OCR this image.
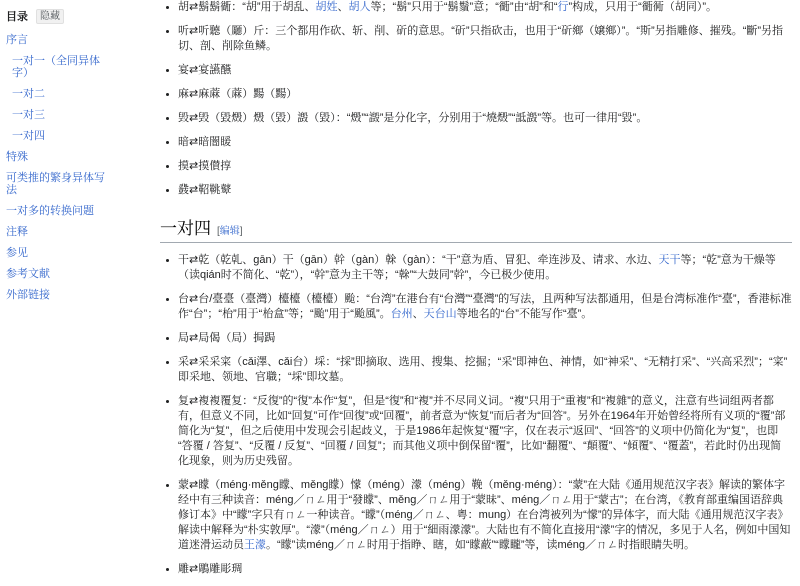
目录	隐藏
序言
一对一（全同异体字）
一对二
一对三
一对四
特殊
可类推的繁身异体写法
一对多的转换问题
注释
参见
参考文献
外部链接
• 胡⇄鬍鬍衚：“胡”用于胡乱、胡姓、胡人等；“鬍”只用于“鬍鬚”意；“衚”由“胡”和“行”构成，只用于“衚衕（胡同）”。
• 听⇄听聽（㕔）斤：三个都用作砍、斩、削、斫的意思。“斫”只指砍击，也用于“斫鄉（嬢鄉）”。“斯”另指雕修、摧残。“斷”另指切、剖、削除鱼鳞。
• 宴⇄宴讌醼
• 麻⇄麻蔴（蔴）䵮（䵮）
• 毁⇄毁（毀燬）燬（毀）譭（毀）：“燬”“譭”是分化字，分别用于“燒燬”“詆譭”等。也可一律用“毀”。
• 暗⇄暗闇䁔
• 摸⇄摸儧㨃
• 鼗⇄鞀鞉鼙
一对四 [编辑]
• 干⇄乾（乾乹、gān）干（gān）幹（gàn）榦（gàn）：“干”意为盾、冒犯、牵连涉及、请求、水边、天干等；“乾”意为干燥等（读qián时不简化、“乾”），“幹”意为主干等；“榦”“大鼓同”幹”，今已极少使用。
• 台⇄台/臺臺（臺灣）檯檯（檯檯）颱：“台湾”在港台有“台灣”“臺灣”的写法，且两种写法都通用，但是台湾标准作“臺”，香港标准作“台”；“枱”用于“枱盒”等；“颱”用于“颱風”。台州、天台山等地名的“台”不能写作“臺”。
• 局⇄局偈（局）挶跼
• 采⇄采采寀（cǎi澤、cǎi台）埰：“採”即摘取、选用、搜集、挖掘；“采”即神色、神情，如“神采”、“无精打采”、“兴高采烈”；“寀”即采地、领地、官職；“埰”即坟墓。
• 复⇄複複覆复：“反復”的“復”本作“复”，但是“復”和“複”并不尽同义词。“複”只用于“重複”和“複雜”的意义，注意有些词组两者都有，但意义不同，比如“回复”可作“回復”或“回覆”，前者意为“恢复”而后者为“回答”。另外在1964年开始曾经将所有义项的“覆”部简化为“复”，但之后使用中发现会引起歧义，于是1986年起恢复“覆”字，仅在表示“返回”、“回答”的义项中仍简化为“复”，也即“答覆 / 答复”、“反覆 / 反复”、“回覆 / 回复”；而其他义项中倒保留“覆”，比如“翻覆”、“顛覆”、“傾覆”、“覆蓋”，若此时仍出现简化现象，则为历史残留。
• 蒙⇄矇（méng·měng矇、měng矇）懞（méng）濛（méng）鞔（měng·méng）：“蒙”在大陆《通用规范汉字表》解读的繁体字经中有三种读音：méng／ㄇㄥ用于“發矇”、měng／ㄇㄥ用于“蒙昧”、méng／ㄇㄥ用于“蒙古”；在台湾，《教育部重编国语辞典修订本》中“矇”字只有ㄇㄥ一种读音。“矇”（méng／ㄇㄥ、粤：mung）在台湾被列为“懞”的异体字，而大陆《通用规范汉字表》解读中解释为“朴实敦厚”。“濛”（méng／ㄇㄥ）用于“細雨濛濛”。大陆也有不简化直接用“濛”字的情况，多见于人名，例如中国知道迷滑运动员王濛。“矇”读méng／ㄇㄥ时用于指睁、瞎，如“矇蔽”“矇矓”等，读méng／ㄇㄥ时指眼睛失明。
• 雕⇄鵰雕彫琱
